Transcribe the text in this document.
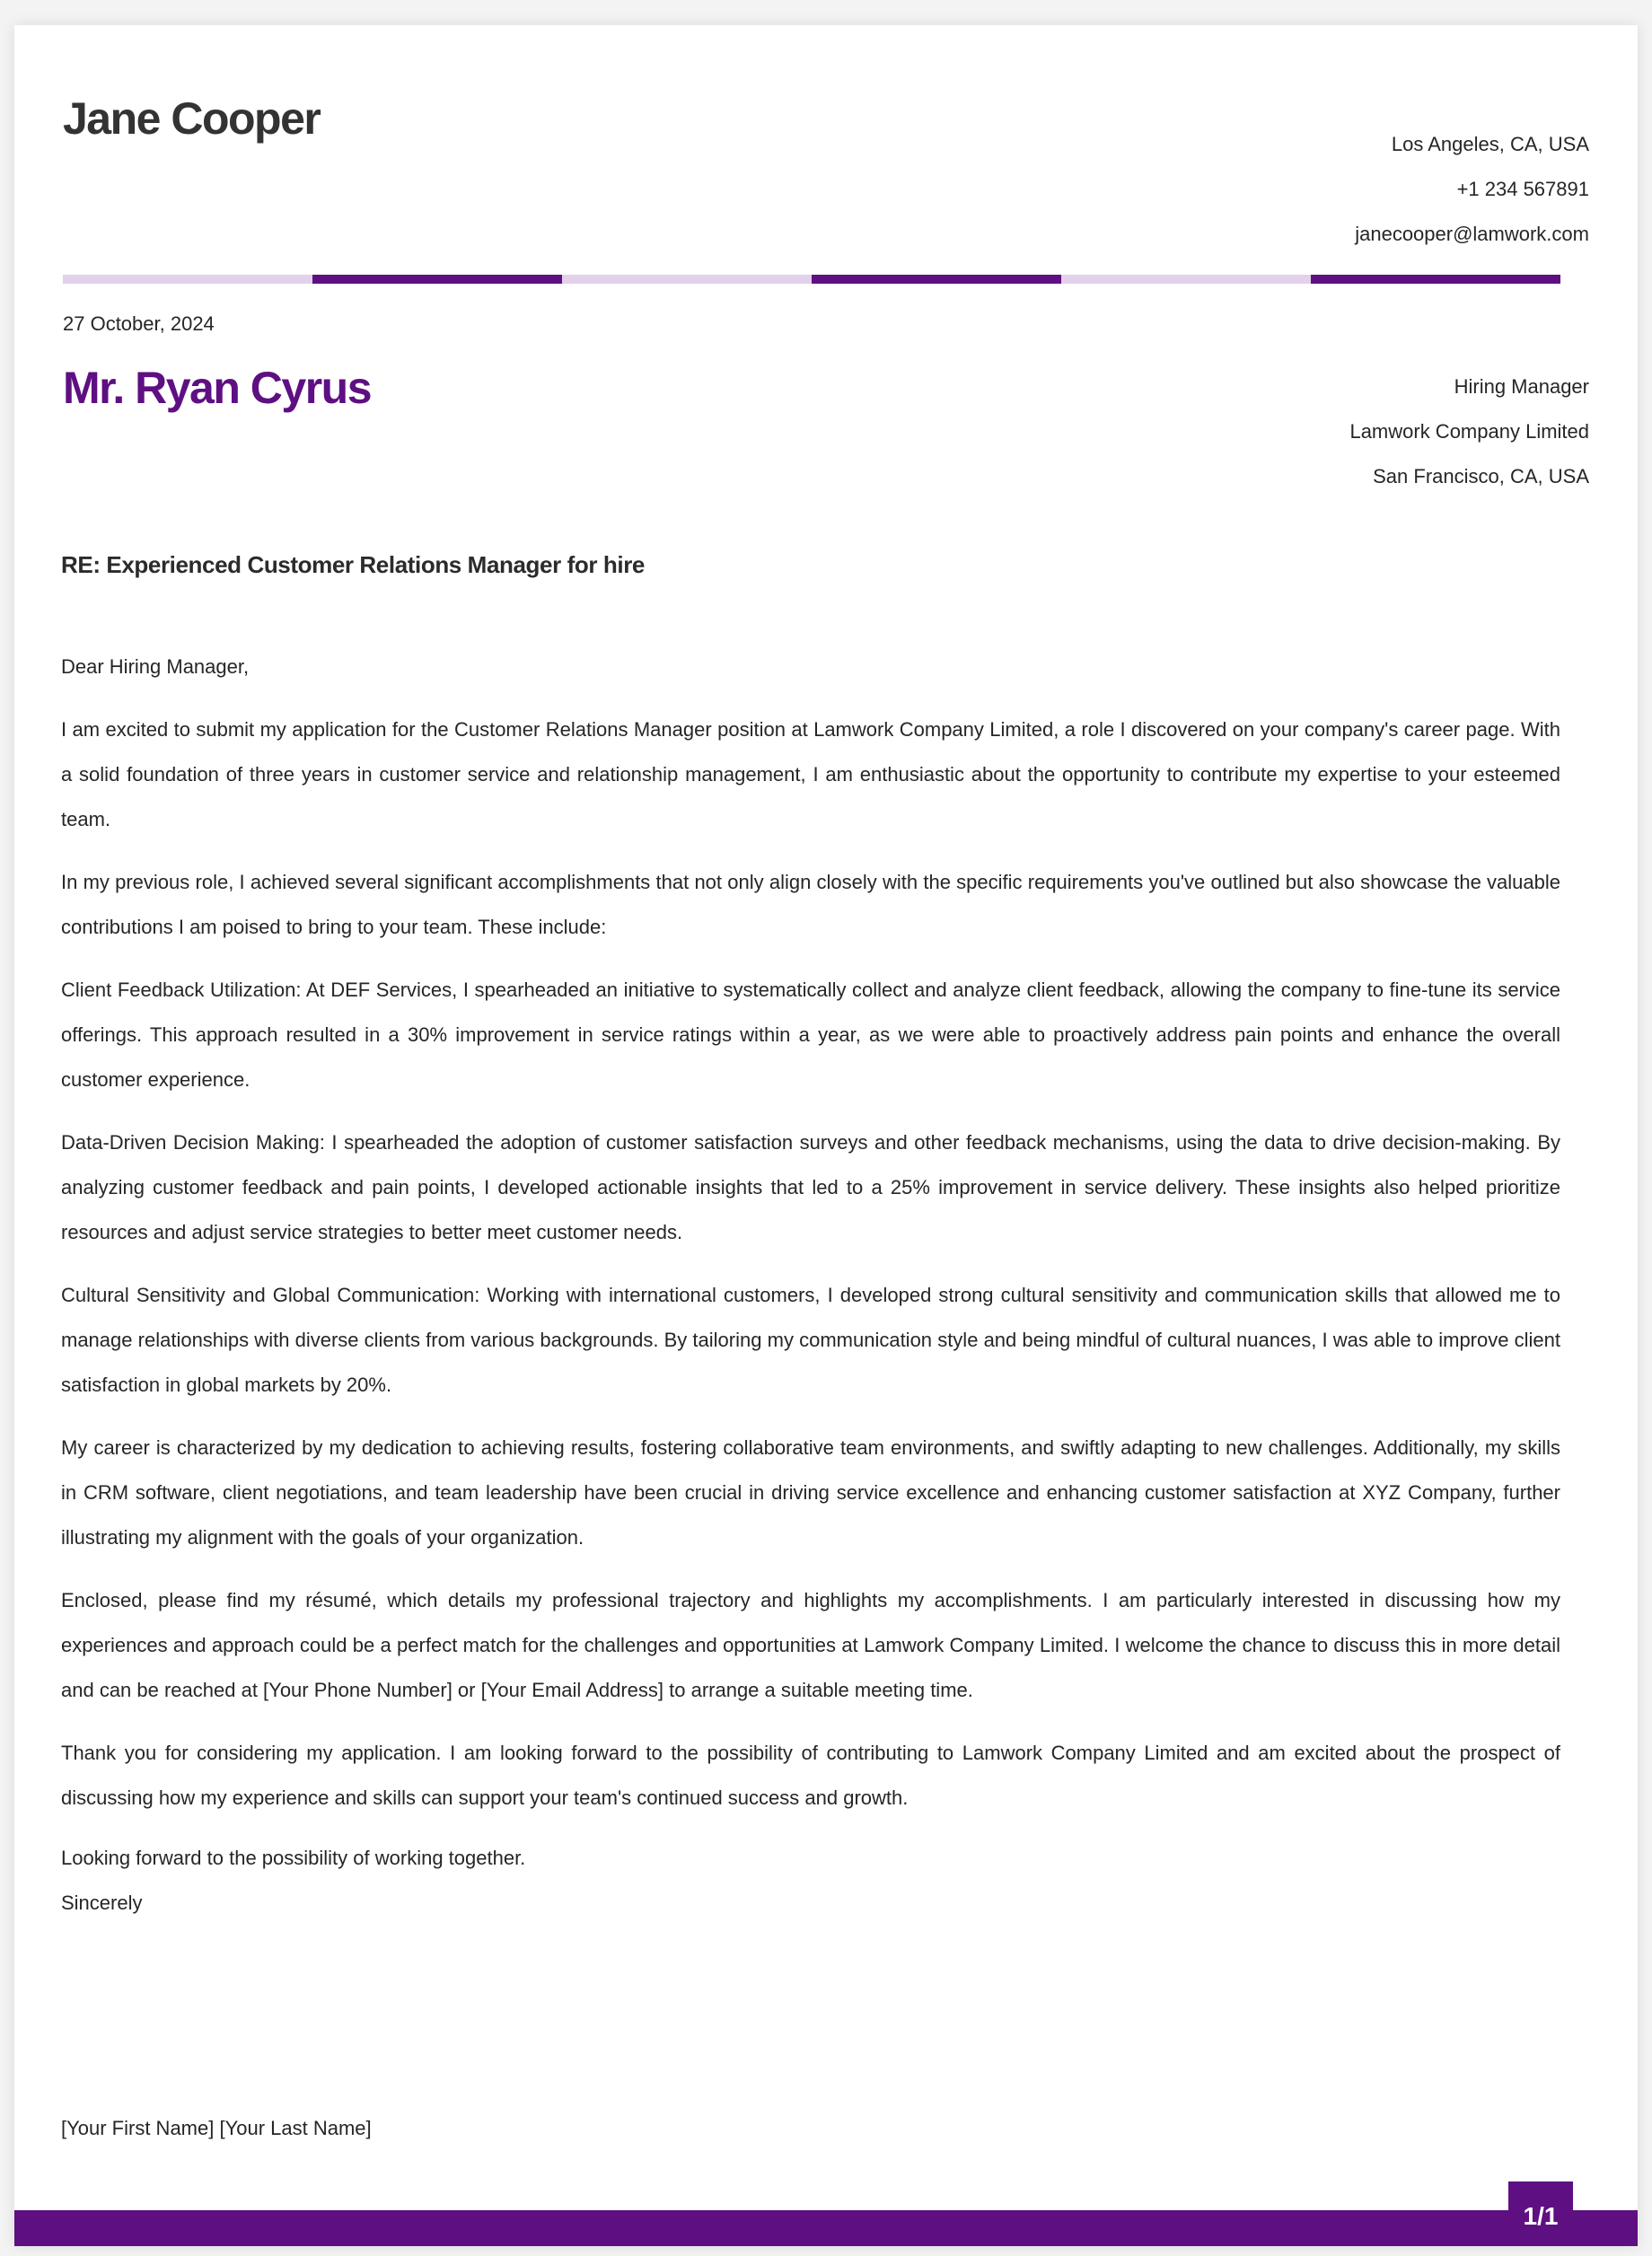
Jane Cooper
Los Angeles, CA, USA
+1 234 567891
janecooper@lamwork.com
27 October, 2024
Mr. Ryan Cyrus	Hiring Manager
Lamwork Company Limited
San Francisco, CA, USA
RE: Experienced Customer Relations Manager for hire

Dear Hiring Manager,

I am excited to submit my application for the Customer Relations Manager position at Lamwork Company Limited, a role I discovered on your company's career page. With a solid foundation of three years in customer service and relationship management, I am enthusiastic about the opportunity to contribute my expertise to your esteemed team.

In my previous role, I achieved several significant accomplishments that not only align closely with the specific requirements you've outlined but also showcase the valuable contributions I am poised to bring to your team. These include:

Client Feedback Utilization: At DEF Services, I spearheaded an initiative to systematically collect and analyze client feedback, allowing the company to fine-tune its service offerings. This approach resulted in a 30% improvement in service ratings within a year, as we were able to proactively address pain points and enhance the overall customer experience.

Data-Driven Decision Making: I spearheaded the adoption of customer satisfaction surveys and other feedback mechanisms, using the data to drive decision-making. By analyzing customer feedback and pain points, I developed actionable insights that led to a 25% improvement in service delivery. These insights also helped prioritize resources and adjust service strategies to better meet customer needs.

Cultural Sensitivity and Global Communication: Working with international customers, I developed strong cultural sensitivity and communication skills that allowed me to manage relationships with diverse clients from various backgrounds. By tailoring my communication style and being mindful of cultural nuances, I was able to improve client satisfaction in global markets by 20%.

My career is characterized by my dedication to achieving results, fostering collaborative team environments, and swiftly adapting to new challenges. Additionally, my skills in CRM software, client negotiations, and team leadership have been crucial in driving service excellence and enhancing customer satisfaction at XYZ Company, further illustrating my alignment with the goals of your organization.

Enclosed, please find my résumé, which details my professional trajectory and highlights my accomplishments. I am particularly interested in discussing how my experiences and approach could be a perfect match for the challenges and opportunities at Lamwork Company Limited. I welcome the chance to discuss this in more detail and can be reached at [Your Phone Number] or [Your Email Address] to arrange a suitable meeting time.

Thank you for considering my application. I am looking forward to the possibility of contributing to Lamwork Company Limited and am excited about the prospect of discussing how my experience and skills can support your team's continued success and growth.

Looking forward to the possibility of working together.
Sincerely
[Your First Name] [Your Last Name]
1/1
